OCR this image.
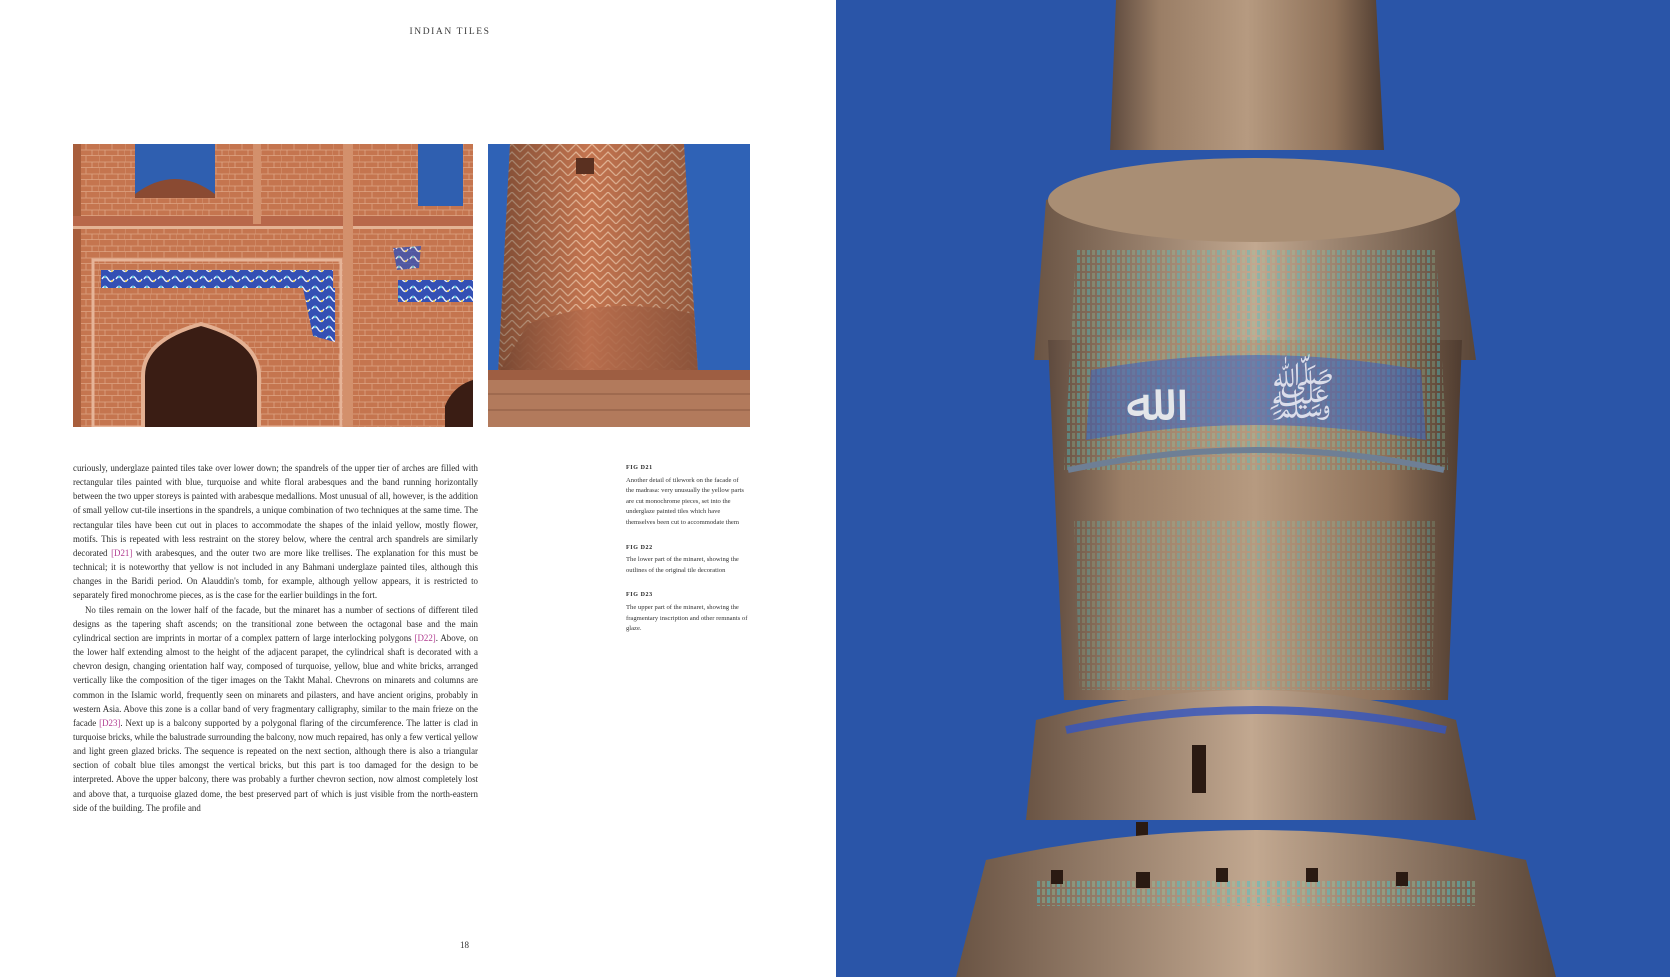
INDIAN TILES

curiously, underglaze painted tiles take over lower down; the spandrels of the upper tier of arches are filled with rectangular tiles painted with blue, turquoise and white floral arabesques and the band running horizontally between the two upper storeys is painted with arabesque medallions. Most unusual of all, however, is the addition of small yellow cut-tile insertions in the spandrels, a unique combination of two techniques at the same time. The rectangular tiles have been cut out in places to accommodate the shapes of the inlaid yellow, mostly flower, motifs. This is repeated with less restraint on the storey below, where the central arch spandrels are similarly decorated [D21] with arabesques, and the outer two are more like trellises. The explanation for this must be technical; it is noteworthy that yellow is not included in any Bahmani underglaze painted tiles, although this changes in the Baridi period. On Alauddin's tomb, for example, although yellow appears, it is restricted to separately fired monochrome pieces, as is the case for the earlier buildings in the fort.

No tiles remain on the lower half of the facade, but the minaret has a number of sections of different tiled designs as the tapering shaft ascends; on the transitional zone between the octagonal base and the main cylindrical section are imprints in mortar of a complex pattern of large interlocking polygons [D22]. Above, on the lower half extending almost to the height of the adjacent parapet, the cylindrical shaft is decorated with a chevron design, changing orientation half way, composed of turquoise, yellow, blue and white bricks, arranged vertically like the composition of the tiger images on the Takht Mahal. Chevrons on minarets and columns are common in the Islamic world, frequently seen on minarets and pilasters, and have ancient origins, probably in western Asia. Above this zone is a collar band of very fragmentary calligraphy, similar to the main frieze on the facade [D23]. Next up is a balcony supported by a polygonal flaring of the circumference. The latter is clad in turquoise bricks, while the balustrade surrounding the balcony, now much repaired, has only a few vertical yellow and light green glazed bricks. The sequence is repeated on the next section, although there is also a triangular section of cobalt blue tiles amongst the vertical bricks, but this part is too damaged for the design to be interpreted. Above the upper balcony, there was probably a further chevron section, now almost completely lost and above that, a turquoise glazed dome, the best preserved part of which is just visible from the north-eastern side of the building. The profile and

FIG D21
Another detail of tilework on the facade of the madrasa: very unusually the yellow parts are cut monochrome pieces, set into the underglaze painted tiles which have themselves been cut to accommodate them
FIG D22
The lower part of the minaret, showing the outlines of the original tile decoration
FIG D23
The upper part of the minaret, showing the fragmentary inscription and other remnants of glaze.
18
ﷲ	ﷺ
